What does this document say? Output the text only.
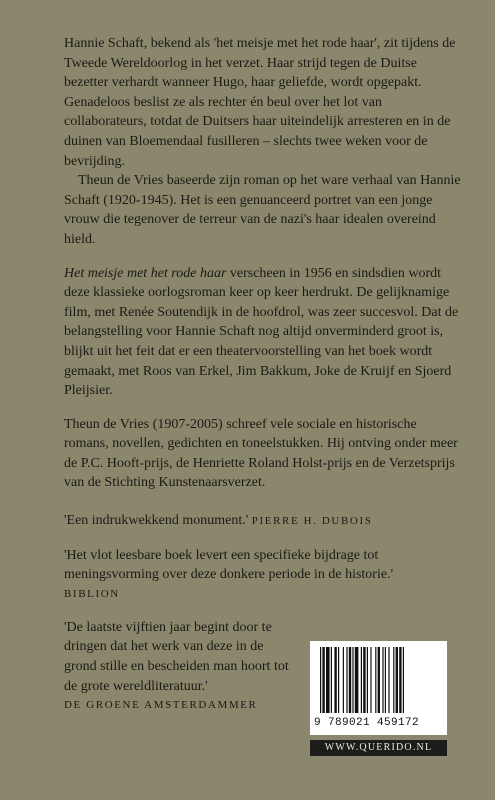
Hannie Schaft, bekend als 'het meisje met het rode haar', zit tijdens de Tweede Wereldoorlog in het verzet. Haar strijd tegen de Duitse bezetter verhardt wanneer Hugo, haar geliefde, wordt opgepakt. Genadeloos beslist ze als rechter én beul over het lot van collaborateurs, totdat de Duitsers haar uiteindelijk arresteren en in de duinen van Bloemendaal fusilleren – slechts twee weken voor de bevrijding.

Theun de Vries baseerde zijn roman op het ware verhaal van Hannie Schaft (1920-1945). Het is een genuanceerd portret van een jonge vrouw die tegenover de terreur van de nazi's haar idealen overeind hield.

Het meisje met het rode haar verscheen in 1956 en sindsdien wordt deze klassieke oorlogsroman keer op keer herdrukt. De gelijknamige film, met Renée Soutendijk in de hoofdrol, was zeer succesvol. Dat de belangstelling voor Hannie Schaft nog altijd onverminderd groot is, blijkt uit het feit dat er een theatervoorstelling van het boek wordt gemaakt, met Roos van Erkel, Jim Bakkum, Joke de Kruijf en Sjoerd Pleijsier.

Theun de Vries (1907-2005) schreef vele sociale en historische romans, novellen, gedichten en toneelstukken. Hij ontving onder meer de P.C. Hooft-prijs, de Henriette Roland Holst-prijs en de Verzetsprijs van de Stichting Kunstenaarsverzet.

'Een indrukwekkend monument.' PIERRE H. DUBOIS

'Het vlot leesbare boek levert een specifieke bijdrage tot meningsvorming over deze donkere periode in de historie.'

BIBLION

'De laatste vijftien jaar begint door te dringen dat het werk van deze in de grond stille en bescheiden man hoort tot de grote wereldliteratuur.'

DE GROENE AMSTERDAMMER
9 789021 459172
WWW.QUERIDO.NL
